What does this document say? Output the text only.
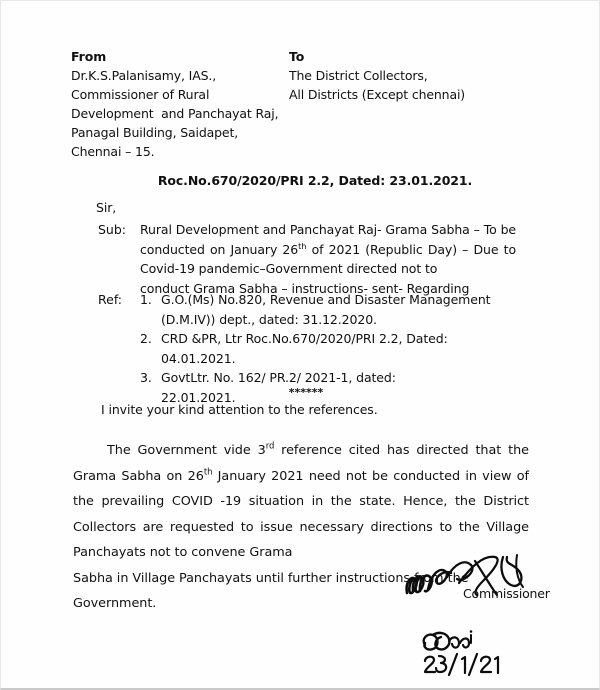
From
Dr.K.S.Palanisamy, IAS.,
Commissioner of Rural
Development  and Panchayat Raj,
Panagal Building, Saidapet,
Chennai – 15.
To
The District Collectors,
All Districts (Except chennai)
Roc.No.670/2020/PRI 2.2, Dated: 23.01.2021.
Sir,
Sub:	Rural Development and Panchayat Raj- Grama Sabha – To be conducted on January 26th of 2021 (Republic Day) – Due to Covid-19 pandemic–Government directed not to
conduct Grama Sabha – instructions- sent- Regarding
Ref:	1. G.O.(Ms) No.820, Revenue and Disaster Management
(D.M.IV)) dept., dated: 31.12.2020.
2. CRD &PR, Ltr Roc.No.670/2020/PRI 2.2, Dated:
04.01.2021.
3. GovtLtr. No. 162/ PR.2/ 2021-1, dated:
22.01.2021.	******
I invite your kind attention to the references.
The Government vide 3rd reference cited has directed that the Grama Sabha on 26th January 2021 need not be conducted in view of the prevailing COVID -19 situation in the state. Hence, the District Collectors are requested to issue necessary directions to the Village Panchayats not to convene Grama
Sabha in Village Panchayats until further instructions from the Government.
Commissioner
